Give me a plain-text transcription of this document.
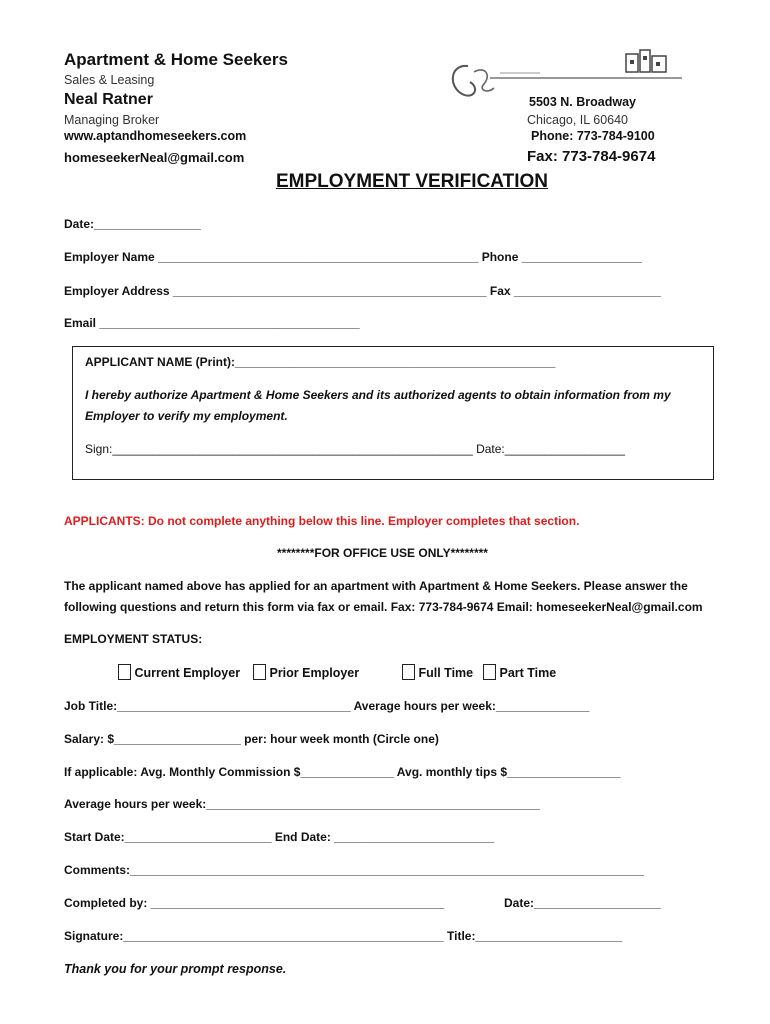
Apartment & Home Seekers
Sales & Leasing
Neal Ratner
Managing Broker
www.aptandhomeseekers.com
homeseekerNeal@gmail.com
5503 N. Broadway
Chicago, IL 60640
Phone: 773-784-9100
Fax: 773-784-9674
EMPLOYMENT VERIFICATION
Date:________________
Employer Name ________________________________________________ Phone __________________
Employer Address _______________________________________________ Fax ______________________
Email _______________________________________
APPLICANT NAME (Print):________________________________________________
I hereby authorize Apartment & Home Seekers and its authorized agents to obtain information from my
Employer to verify my employment.
Sign:______________________________________________________ Date:__________________
APPLICANTS: Do not complete anything below this line. Employer completes that section.
********FOR OFFICE USE ONLY********
The applicant named above has applied for an apartment with Apartment & Home Seekers. Please answer the
following questions and return this form via fax or email. Fax: 773-784-9674 Email: homeseekerNeal@gmail.com
EMPLOYMENT STATUS:
Current Employer	Prior Employer	Full Time	Part Time
Job Title:___________________________________ Average hours per week:______________
Salary: $___________________ per: hour week month (Circle one)
If applicable: Avg. Monthly Commission $______________ Avg. monthly tips $_________________
Average hours per week:__________________________________________________
Start Date:______________________ End Date: ________________________
Comments:_____________________________________________________________________________
Completed by: ____________________________________________	Date:___________________
Signature:________________________________________________ Title:______________________
Thank you for your prompt response.
